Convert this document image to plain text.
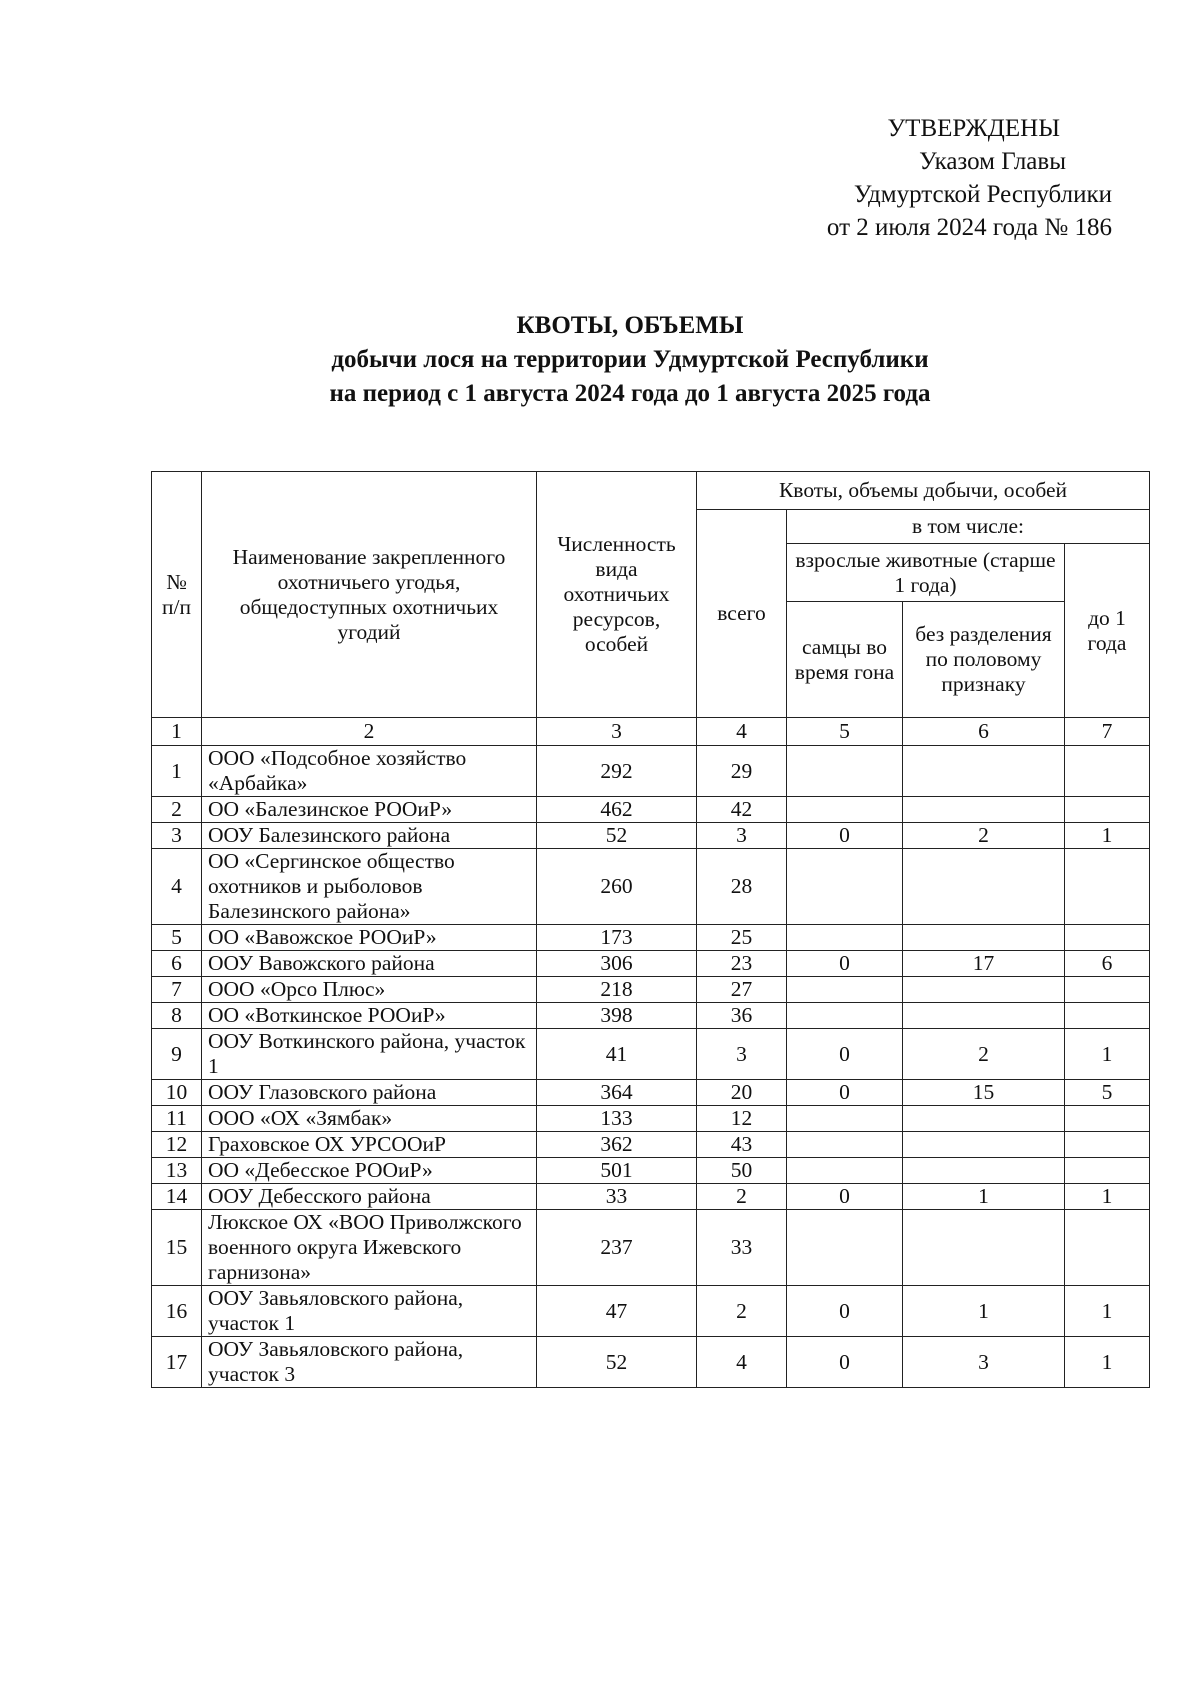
УТВЕРЖДЕНЫ
Указом Главы
Удмуртской Республики
от 2 июля 2024 года № 186
КВОТЫ, ОБЪЕМЫ
добычи лося на территории Удмуртской Республики
на период с 1 августа 2024 года до 1 августа 2025 года
№ п/п	Наименование закрепленного охотничьего угодья, общедоступных охотничьих угодий	Численность вида охотничьих ресурсов, особей	Квоты, объемы добычи, особей			
			всего	в том числе:		
				взрослые животные (старше 1 года)		до 1 года
				самцы во время гона	без разделения по половому признаку	
1	2	3	4	5	6	7
1	ООО «Подсобное хозяйство «Арбайка»	292	29			
2	ОО «Балезинское РООиР»	462	42			
3	ООУ Балезинского района	52	3	0	2	1
4	ОО «Сергинское общество охотников и рыболовов Балезинского района»	260	28			
5	ОО «Вавожское РООиР»	173	25			
6	ООУ Вавожского района	306	23	0	17	6
7	ООО «Орсо Плюс»	218	27			
8	ОО «Воткинское РООиР»	398	36			
9	ООУ Воткинского района, участок 1	41	3	0	2	1
10	ООУ Глазовского района	364	20	0	15	5
11	ООО «ОХ «Зямбак»	133	12			
12	Граховское ОХ УРСООиР	362	43			
13	ОО «Дебесское РООиР»	501	50			
14	ООУ Дебесского района	33	2	0	1	1
15	Люкское ОХ «ВОО Приволжского военного округа Ижевского гарнизона»	237	33			
16	ООУ Завьяловского района, участок 1	47	2	0	1	1
17	ООУ Завьяловского района, участок 3	52	4	0	3	1
